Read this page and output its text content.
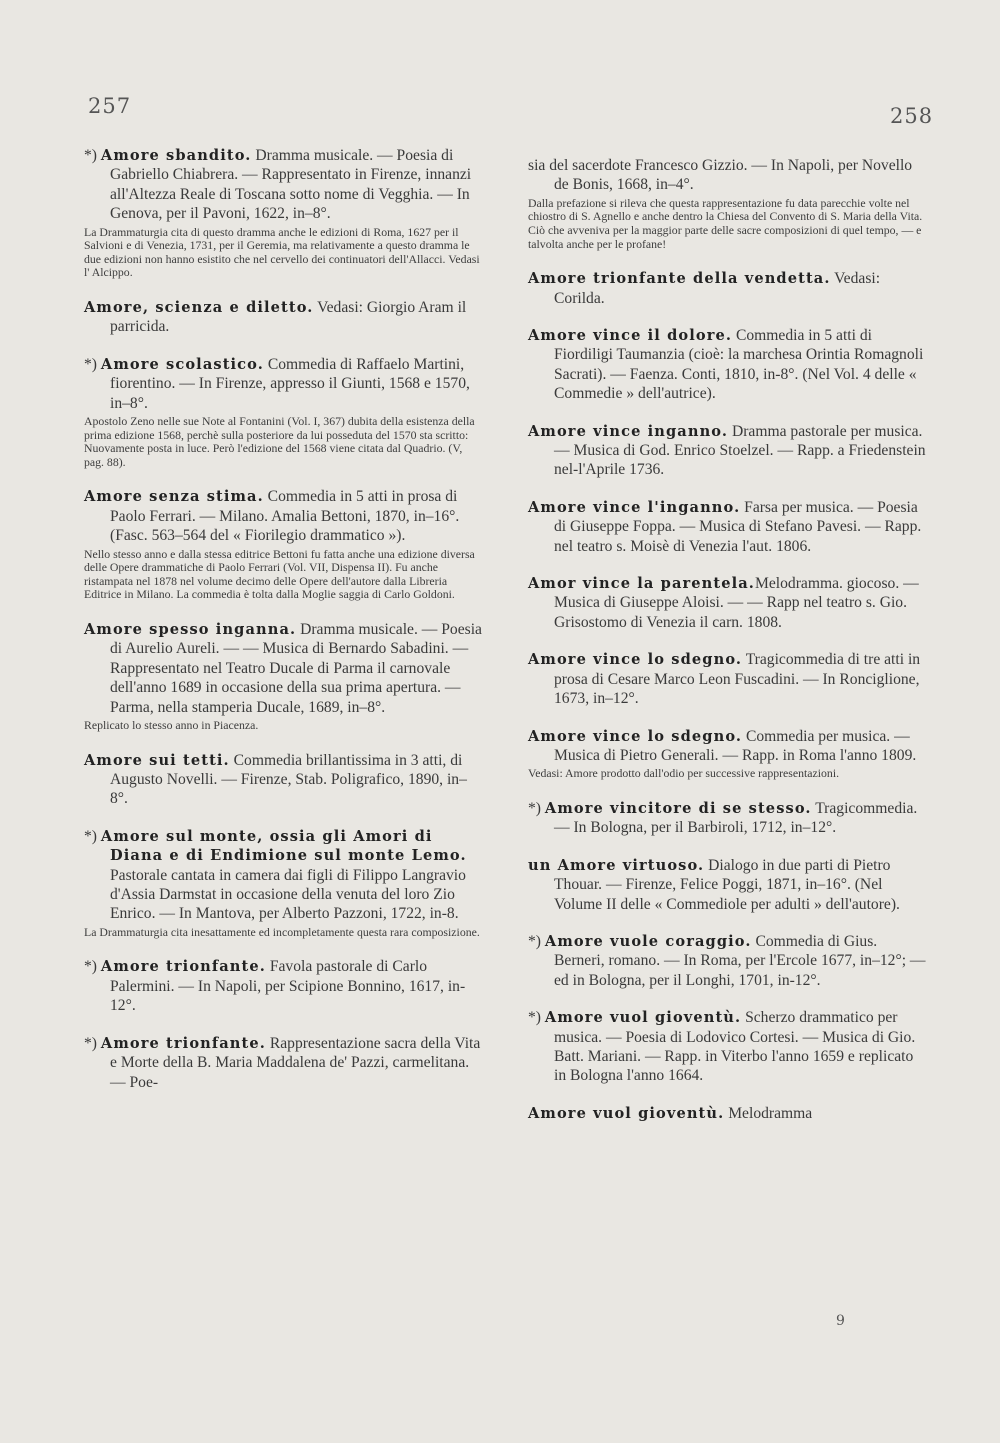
257	258
9

*) Amore sbandito. Dramma musicale. — Poesia di Gabriello Chiabrera. — Rappresentato in Firenze, innanzi all'Altezza Reale di Toscana sotto nome di Vegghia. — In Genova, per il Pavoni, 1622, in–8°.

La Drammaturgia cita di questo dramma anche le edizioni di Roma, 1627 per il Salvioni e di Venezia, 1731, per il Geremia, ma relativamente a questo dramma le due edizioni non hanno esistito che nel cervello dei continuatori dell'Allacci. Vedasi l' Alcippo.

Amore, scienza e diletto. Vedasi: Giorgio Aram il parricida.

*) Amore scolastico. Commedia di Raffaelo Martini, fiorentino. — In Firenze, appresso il Giunti, 1568 e 1570, in–8°.

Apostolo Zeno nelle sue Note al Fontanini (Vol. I, 367) dubita della esistenza della prima edizione 1568, perchè sulla posteriore da lui posseduta del 1570 sta scritto: Nuovamente posta in luce. Però l'edizione del 1568 viene citata dal Quadrio. (V, pag. 88).

Amore senza stima. Commedia in 5 atti in prosa di Paolo Ferrari. — Milano. Amalia Bettoni, 1870, in–16°. (Fasc. 563–564 del « Fiorilegio drammatico »).

Nello stesso anno e dalla stessa editrice Bettoni fu fatta anche una edizione diversa delle Opere drammatiche di Paolo Ferrari (Vol. VII, Dispensa II). Fu anche ristampata nel 1878 nel volume decimo delle Opere dell'autore dalla Libreria Editrice in Milano. La commedia è tolta dalla Moglie saggia di Carlo Goldoni.

Amore spesso inganna. Dramma musicale. — Poesia di Aurelio Aureli. — — Musica di Bernardo Sabadini. — Rappresentato nel Teatro Ducale di Parma il carnovale dell'anno 1689 in occasione della sua prima apertura. — Parma, nella stamperia Ducale, 1689, in–8°.

Replicato lo stesso anno in Piacenza.

Amore sui tetti. Commedia brillantissima in 3 atti, di Augusto Novelli. — Firenze, Stab. Poligrafico, 1890, in–8°.

*) Amore sul monte, ossia gli Amori di Diana e di Endimione sul monte Lemo. Pastorale cantata in camera dai figli di Filippo Langravio d'Assia Darmstat in occasione della venuta del loro Zio Enrico. — In Mantova, per Alberto Pazzoni, 1722, in-8.

La Drammaturgia cita inesattamente ed incompletamente questa rara composizione.

*) Amore trionfante. Favola pastorale di Carlo Palermini. — In Napoli, per Scipione Bonnino, 1617, in-12°.

*) Amore trionfante. Rappresentazione sacra della Vita e Morte della B. Maria Maddalena de' Pazzi, carmelitana. — Poe-

sia del sacerdote Francesco Gizzio. — In Napoli, per Novello de Bonis, 1668, in–4°.

Dalla prefazione si rileva che questa rappresentazione fu data parecchie volte nel chiostro di S. Agnello e anche dentro la Chiesa del Convento di S. Maria della Vita. Ciò che avveniva per la maggior parte delle sacre composizioni di quel tempo, — e talvolta anche per le profane!

Amore trionfante della vendetta. Vedasi: Corilda.

Amore vince il dolore. Commedia in 5 atti di Fiordiligi Taumanzia (cioè: la marchesa Orintia Romagnoli Sacrati). — Faenza. Conti, 1810, in-8°. (Nel Vol. 4 delle « Commedie » dell'autrice).

Amore vince inganno. Dramma pastorale per musica. — Musica di God. Enrico Stoelzel. — Rapp. a Friedenstein nel-l'Aprile 1736.

Amore vince l'inganno. Farsa per musica. — Poesia di Giuseppe Foppa. — Musica di Stefano Pavesi. — Rapp. nel teatro s. Moisè di Venezia l'aut. 1806.

Amor vince la parentela.Melodramma. giocoso. — Musica di Giuseppe Aloisi. — — Rapp nel teatro s. Gio. Grisostomo di Venezia il carn. 1808.

Amore vince lo sdegno. Tragicommedia di tre atti in prosa di Cesare Marco Leon Fuscadini. — In Ronciglione, 1673, in–12°.

Amore vince lo sdegno. Commedia per musica. — Musica di Pietro Generali. — Rapp. in Roma l'anno 1809.

Vedasi: Amore prodotto dall'odio per successive rappresentazioni.

*) Amore vincitore di se stesso. Tragicommedia. — In Bologna, per il Barbiroli, 1712, in–12°.

un Amore virtuoso. Dialogo in due parti di Pietro Thouar. — Firenze, Felice Poggi, 1871, in–16°. (Nel Volume II delle « Commediole per adulti » dell'autore).

*) Amore vuole coraggio. Commedia di Gius. Berneri, romano. — In Roma, per l'Ercole 1677, in–12°; — ed in Bologna, per il Longhi, 1701, in-12°.

*) Amore vuol gioventù. Scherzo drammatico per musica. — Poesia di Lodovico Cortesi. — Musica di Gio. Batt. Mariani. — Rapp. in Viterbo l'anno 1659 e replicato in Bologna l'anno 1664.

Amore vuol gioventù. Melodramma
